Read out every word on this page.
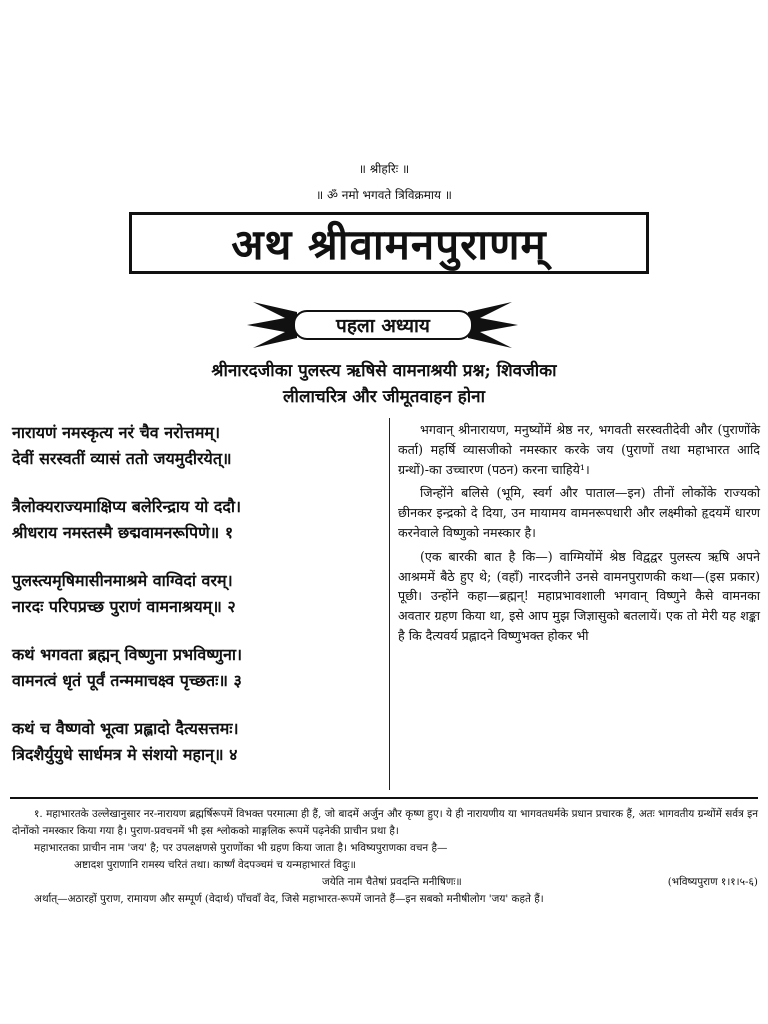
॥ श्रीहरिः ॥
॥ ॐ नमो भगवते त्रिविक्रमाय ॥
अथ श्रीवामनपुराणम्
पहला अध्याय
श्रीनारदजीका पुलस्त्य ऋषिसे वामनाश्रयी प्रश्न; शिवजीका
लीलाचरित्र और जीमूतवाहन होना
नारायणं नमस्कृत्य नरं चैव नरोत्तमम्।
देवीं सरस्वतीं व्यासं ततो जयमुदीरयेत्॥
त्रैलोक्यराज्यमाक्षिप्य बलेरिन्द्राय यो ददौ।
श्रीधराय नमस्तस्मै छद्मवामनरूपिणे॥ १
पुलस्त्यमृषिमासीनमाश्रमे वाग्विदां वरम्।
नारदः परिपप्रच्छ पुराणं वामनाश्रयम्॥ २
कथं भगवता ब्रह्मन् विष्णुना प्रभविष्णुना।
वामनत्वं धृतं पूर्वं तन्ममाचक्ष्व पृच्छतः॥ ३
कथं च वैष्णवो भूत्वा प्रह्लादो दैत्यसत्तमः।
त्रिदशैर्युयुधे सार्धमत्र मे संशयो महान्॥ ४

भगवान् श्रीनारायण, मनुष्योंमें श्रेष्ठ नर, भगवती सरस्वतीदेवी और (पुराणोंके कर्ता) महर्षि व्यासजीको नमस्कार करके जय (पुराणों तथा महाभारत आदि ग्रन्थों)-का उच्चारण (पठन) करना चाहिये¹।

जिन्होंने बलिसे (भूमि, स्वर्ग और पाताल—इन) तीनों लोकोंके राज्यको छीनकर इन्द्रको दे दिया, उन मायामय वामनरूपधारी और लक्ष्मीको हृदयमें धारण करनेवाले विष्णुको नमस्कार है।

(एक बारकी बात है कि—) वाग्मियोंमें श्रेष्ठ विद्वद्वर पुलस्त्य ऋषि अपने आश्रममें बैठे हुए थे; (वहाँ) नारदजीने उनसे वामनपुराणकी कथा—(इस प्रकार) पूछी। उन्होंने कहा—ब्रह्मन्! महाप्रभावशाली भगवान् विष्णुने कैसे वामनका अवतार ग्रहण किया था, इसे आप मुझ जिज्ञासुको बतलायें। एक तो मेरी यह शङ्का है कि दैत्यवर्य प्रह्लादने विष्णुभक्त होकर भी

१. महाभारतके उल्लेखानुसार नर-नारायण ब्रह्मर्षिरूपमें विभक्त परमात्मा ही हैं, जो बादमें अर्जुन और कृष्ण हुए। ये ही नारायणीय या भागवतधर्मके प्रधान प्रचारक हैं, अतः भागवतीय ग्रन्थोंमें सर्वत्र इन दोनोंको नमस्कार किया गया है। पुराण-प्रवचनमें भी इस श्लोकको माङ्गलिक रूपमें पढ़नेकी प्राचीन प्रथा है।

महाभारतका प्राचीन नाम 'जय' है; पर उपलक्षणसे पुराणोंका भी ग्रहण किया जाता है। भविष्यपुराणका वचन है—

अष्टादश पुराणानि रामस्य चरितं तथा। कार्ष्णं वेदपञ्चमं च यन्महाभारतं विदुः॥

जयेति नाम चैतेषां प्रवदन्ति मनीषिणः॥	(भविष्यपुराण १।१।५-६)

अर्थात्—अठारहों पुराण, रामायण और सम्पूर्ण (वेदार्थ) पाँचवाँ वेद, जिसे महाभारत-रूपमें जानते हैं—इन सबको मनीषीलोग 'जय' कहते हैं।
